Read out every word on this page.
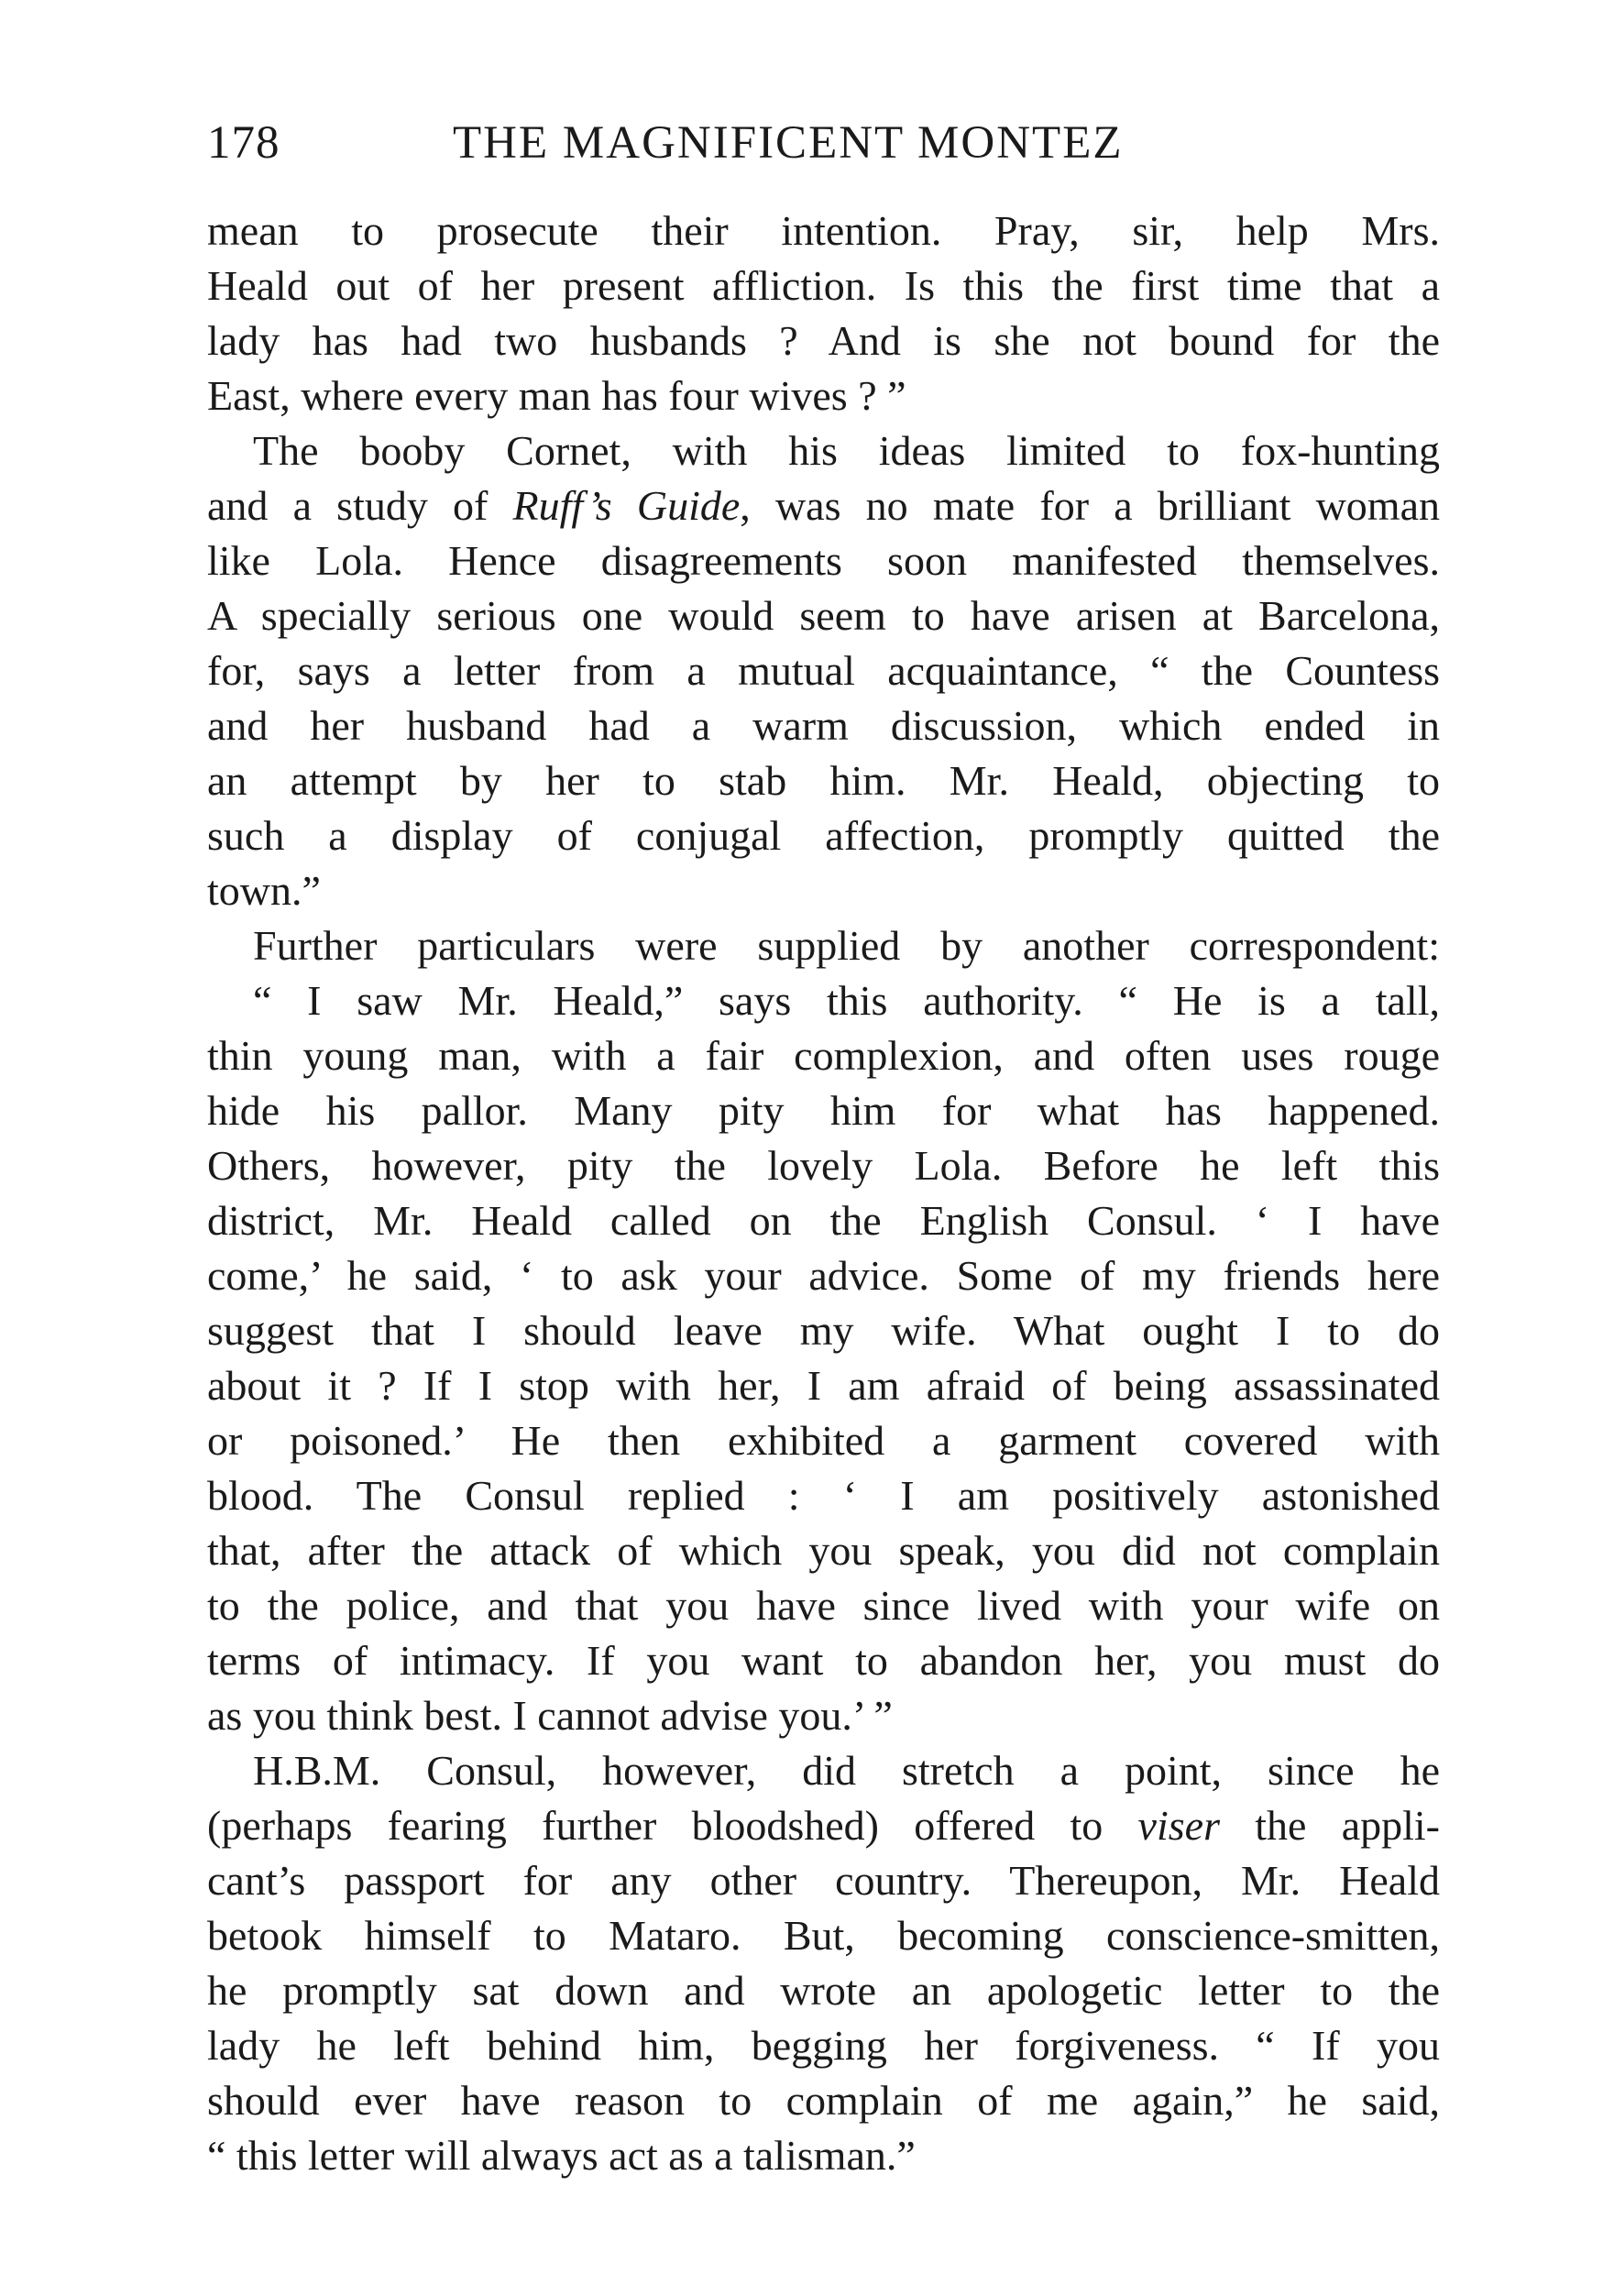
178	THE MAGNIFICENT MONTEZ
mean to prosecute their intention. Pray, sir, help Mrs.
Heald out of her present affliction. Is this the first time that a
lady has had two husbands ? And is she not bound for the
East, where every man has four wives ? ”
The booby Cornet, with his ideas limited to fox-hunting
and a study of Ruff’s Guide, was no mate for a brilliant woman
like Lola. Hence disagreements soon manifested themselves.
A specially serious one would seem to have arisen at Barcelona,
for, says a letter from a mutual acquaintance, “ the Countess
and her husband had a warm discussion, which ended in
an attempt by her to stab him. Mr. Heald, objecting to
such a display of conjugal affection, promptly quitted the
town.”
Further particulars were supplied by another correspondent:
“ I saw Mr. Heald,” says this authority. “ He is a tall,
thin young man, with a fair complexion, and often uses rouge
hide his pallor. Many pity him for what has happened.
Others, however, pity the lovely Lola. Before he left this
district, Mr. Heald called on the English Consul. ‘ I have
come,’ he said, ‘ to ask your advice. Some of my friends here
suggest that I should leave my wife. What ought I to do
about it ? If I stop with her, I am afraid of being assassinated
or poisoned.’ He then exhibited a garment covered with
blood. The Consul replied : ‘ I am positively astonished
that, after the attack of which you speak, you did not complain
to the police, and that you have since lived with your wife on
terms of intimacy. If you want to abandon her, you must do
as you think best. I cannot advise you.’ ”
H.B.M. Consul, however, did stretch a point, since he
(perhaps fearing further bloodshed) offered to viser the appli-
cant’s passport for any other country. Thereupon, Mr. Heald
betook himself to Mataro. But, becoming conscience-smitten,
he promptly sat down and wrote an apologetic letter to the
lady he left behind him, begging her forgiveness. “ If you
should ever have reason to complain of me again,” he said,
“ this letter will always act as a talisman.”
